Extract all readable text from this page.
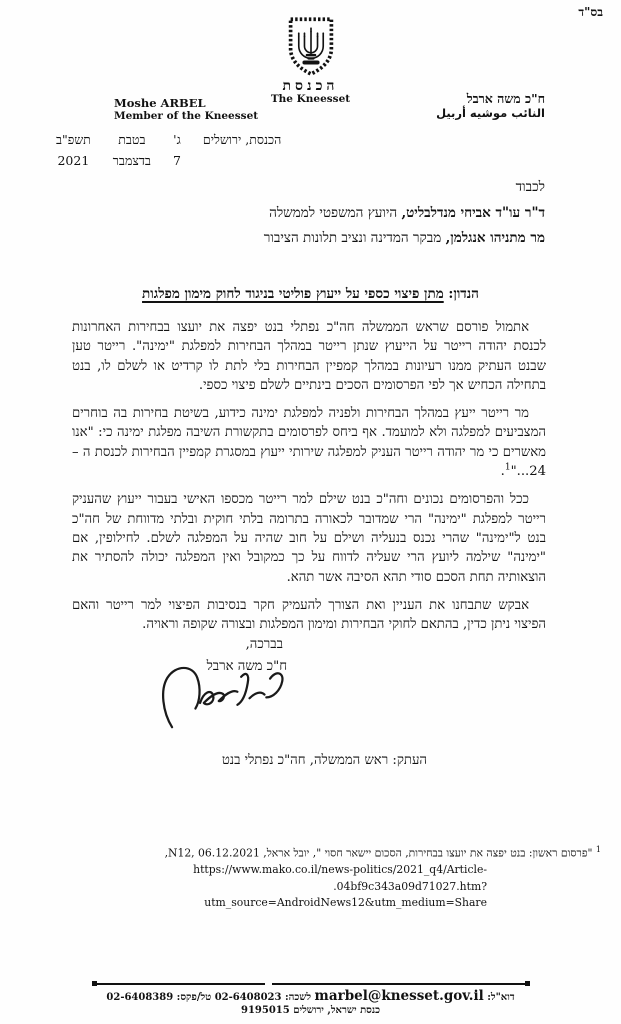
בס"ד
הכנסת
The Kneesset
Moshe ARBEL
Member of the Kneesset
ח"כ משה ארבל
النائب موشيه أربيل
הכנסת, ירושלים

ג'
7
בטבת
בדצמבר
תשפ"ב
2021
לכבוד
ד"ר עו"ד אביחי מנדלבליט, היועץ המשפטי לממשלה
מר מתניהו אנגלמן, מבקר המדינה ונציב תלונות הציבור
הנדון: מתן פיצוי כספי על ייעוץ פוליטי בניגוד לחוק מימון מפלגות

אתמול פורסם שראש הממשלה חה"כ נפתלי בנט יפצה את יועצו בבחירות האחרונות לכנסת יהודה רייטר על הייעוץ שנתן רייטר במהלך הבחירות למפלגת "ימינה". רייטר טען שבנט העתיק ממנו רעיונות במהלך קמפיין הבחירות בלי לתת לו קרדיט או לשלם לו, בנט בתחילה הכחיש אך לפי הפרסומים הסכים בינתיים לשלם פיצוי כספי.

מר רייטר ייעץ במהלך הבחירות ולפניה למפלגת ימינה כידוע, בשיטת בחירות בה בוחרים המצביעים למפלגה ולא למועמד. אף ביחס לפרסומים בתקשורת השיבה מפלגת ימינה כי: "אנו מאשרים כי מר יהודה רייטר העניק למפלגה שירותי ייעוץ במסגרת קמפיין הבחירות לכנסת ה – 24..."$^1$.

ככל והפרסומים נכונים וחה"כ בנט שילם למר רייטר מכספו האישי בעבור ייעוץ שהעניק רייטר למפלגת "ימינה" הרי שמדובר לכאורה בתרומה בלתי חוקית ובלתי מדווחת של חה"כ בנט ל"ימינה" שהרי נכנס בנעליה ושילם על חוב שהיה על המפלגה לשלם. לחילופין, אם "ימינה" שילמה ליועץ הרי שעליה לדווח על כך כמקובל ואין המפלגה יכולה להסתיר את הוצאותיה תחת הסכם סודי תהא הסיבה אשר תהא.

אבקש שתבחנו את העניין ואת הצורך להעמיק חקר בנסיבות הפיצוי למר רייטר והאם הפיצוי ניתן כדין, בהתאם לחוקי הבחירות ומימון המפלגות ובצורה שקופה וראויה.

בברכה,
ח"כ משה ארבל
העתק: ראש הממשלה, חה"כ נפתלי בנט
$^1$ "פרסום ראשון: בנט יפצה את יועצו בבחירות, הסכום יישאר חסוי ", יובל אראל, N12, 06.12.2021,
https://www.mako.co.il/news-politics/2021_q4/Article-
.04bf9c343a09d71027.htm?utm_source=AndroidNews12&utm_medium=Share
דוא"ל: marbel@knesset.gov.il לשכה: 02-6408023 טל/פקס: 02-6408389
כנסת ישראל, ירושלים 9195015
